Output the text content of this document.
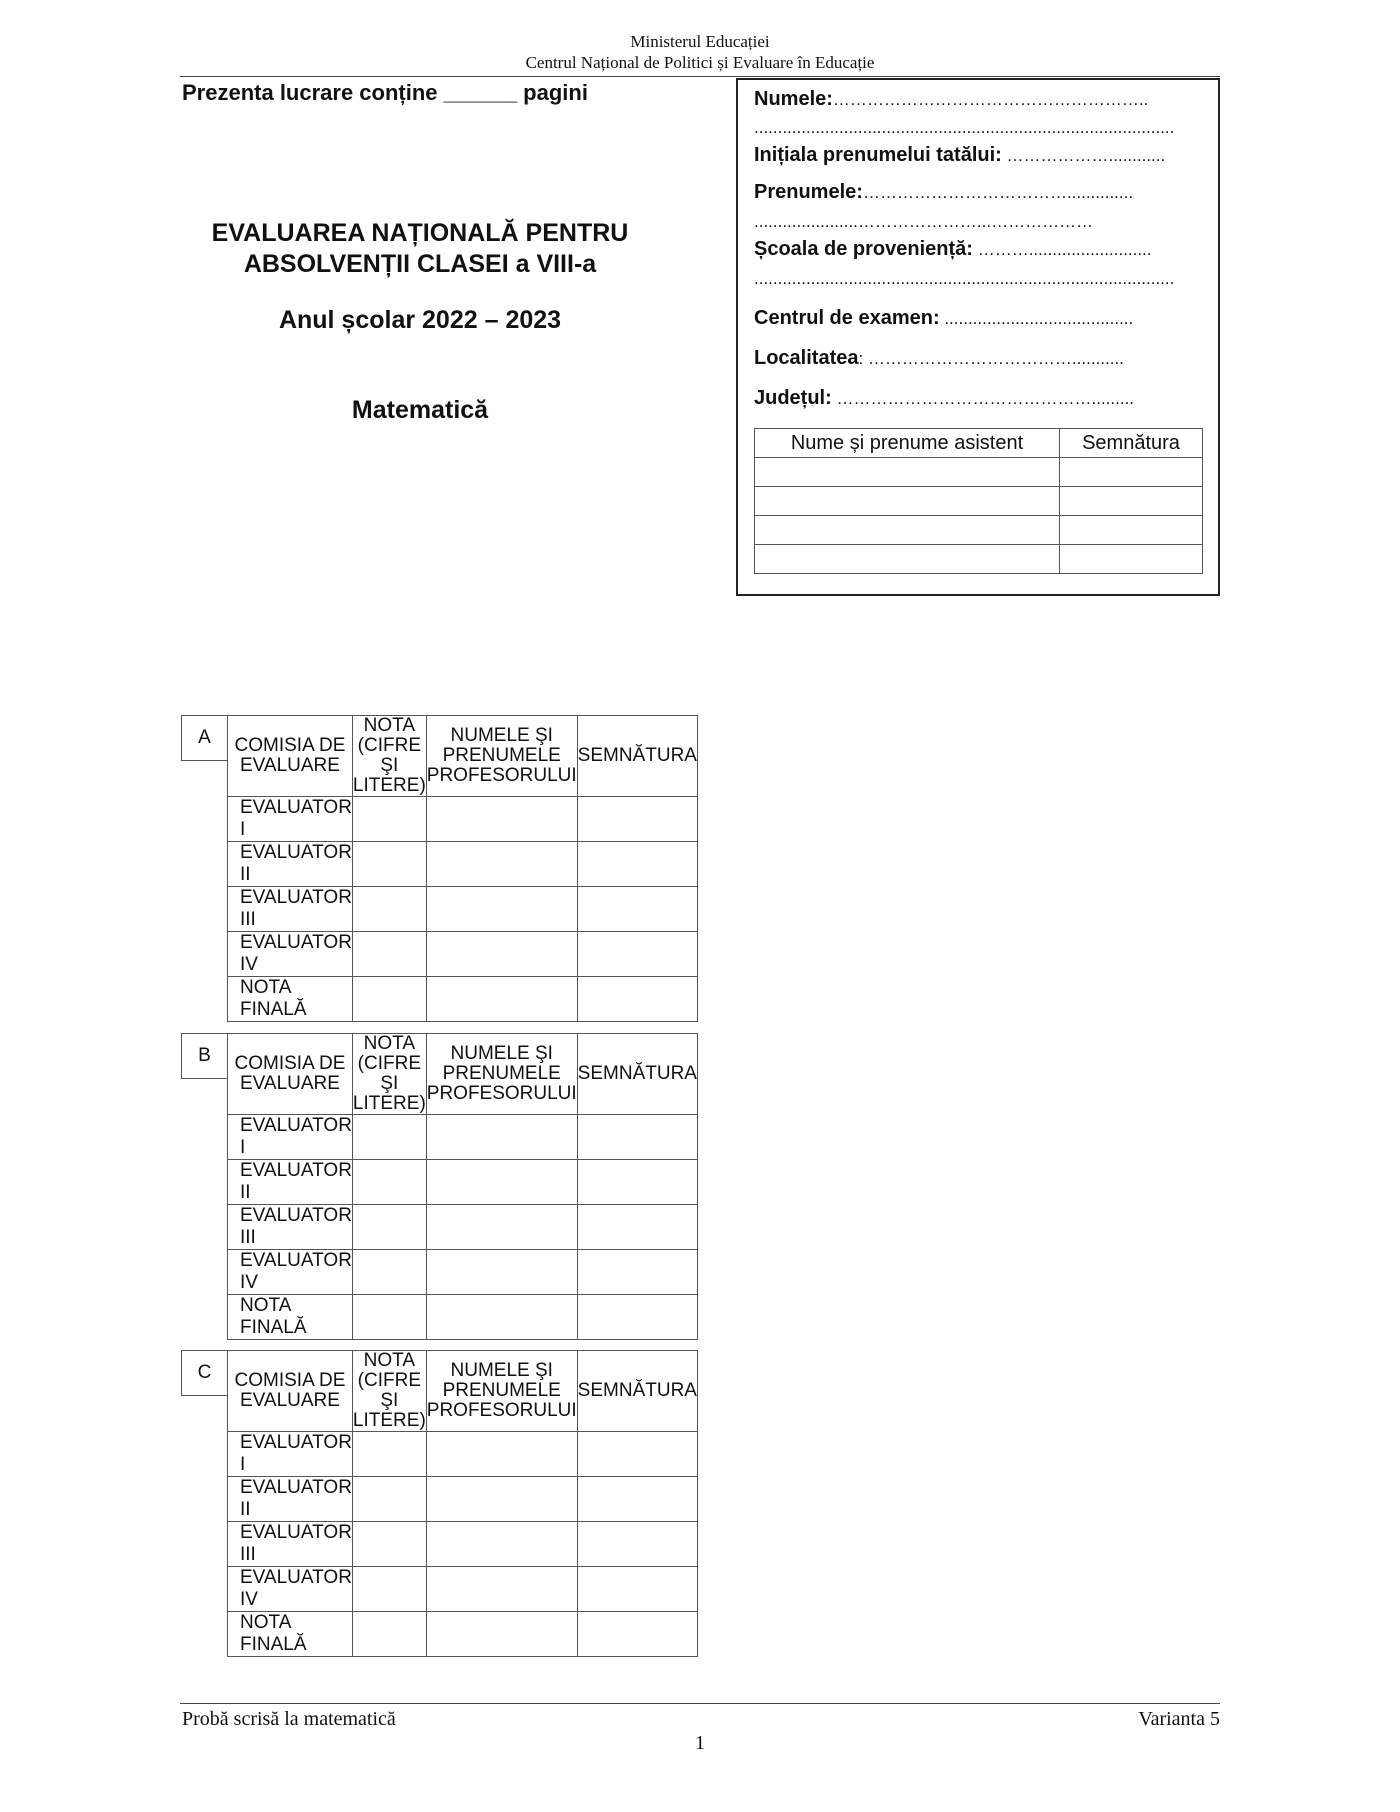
Ministerul Educației
Centrul Național de Politici și Evaluare în Educație
Prezenta lucrare conține ______ pagini
EVALUAREA NAȚIONALĂ PENTRU
ABSOLVENȚII CLASEI a VIII-a
Anul școlar 2022 – 2023
Matematică
Numele:………………………………………………..
.........................................................................................
Inițiala prenumelui tatălui: ………………............
Prenumele:………………………………..............
......................…………………...………………
Școala de proveniență: ………..........................
.........................................................................................
Centrul de examen: ........................................
Localitatea: ………………………………...........
Județul: ……………………………………….........
Nume și prenume asistent	Semnătura

A	COMISIA DE EVALUARE	NOTA (CIFRE ŞI LITERE)	NUMELE ŞI PRENUMELE PROFESORULUI	SEMNĂTURA
EVALUATOR I			
EVALUATOR II			
EVALUATOR III			
EVALUATOR IV			
NOTA FINALĂ			
B	COMISIA DE EVALUARE	NOTA (CIFRE ŞI LITERE)	NUMELE ŞI PRENUMELE PROFESORULUI	SEMNĂTURA
EVALUATOR I			
EVALUATOR II			
EVALUATOR III			
EVALUATOR IV			
NOTA FINALĂ			
C	COMISIA DE EVALUARE	NOTA (CIFRE ŞI LITERE)	NUMELE ŞI PRENUMELE PROFESORULUI	SEMNĂTURA
EVALUATOR I			
EVALUATOR II			
EVALUATOR III			
EVALUATOR IV			
NOTA FINALĂ			
Probă scrisă la matematică	Varianta 5
1
